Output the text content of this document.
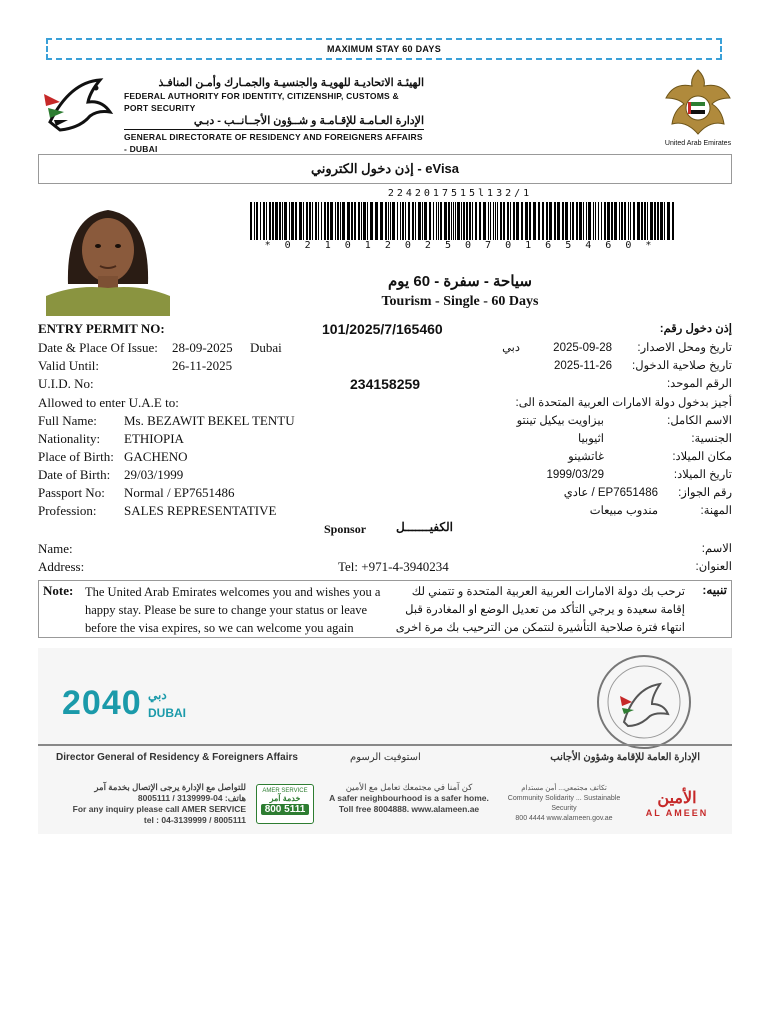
MAXIMUM STAY 60 DAYS
الهيئـة الاتحاديـة للهويـة والجنسيـة والجمـارك وأمـن المنافـذ
FEDERAL AUTHORITY FOR IDENTITY, CITIZENSHIP, CUSTOMS & PORT SECURITY
الإدارة العـامـة للإقـامـة و شــؤون الأجــانــب - دبـي
GENERAL DIRECTORATE OF RESIDENCY AND FOREIGNERS AFFAIRS - DUBAI
United Arab Emirates
إذن دخول الكتروني - eVisa
2242017515l132/1
* 0 2 1 0 1 2 0 2 5 0 7 0 1 6 5 4 6 0 *
سياحة - سفرة - 60 يوم
Tourism - Single - 60 Days
ENTRY PERMIT NO:	101/2025/7/165460	إذن دخول رقم:
Date & Place Of Issue: 28-09-2025 Dubai	دبي	2025-09-28 تاريخ ومحل الاصدار:
Valid Until:	26-11-2025	2025-11-26 تاريخ صلاحية الدخول:
U.I.D. No:	234158259	الرقم الموحد:
Allowed to enter U.A.E to:	أجيز بدخول دولة الامارات العربية المتحدة الى:
Full Name: Ms. BEZAWIT BEKEL TENTU	بيزاويت بيكيل تينتو	الاسم الكامل:
Nationality: ETHIOPIA	اثيوبيا	الجنسية:
Place of Birth: GACHENO	غاتشينو	مكان الميلاد:
Date of Birth: 29/03/1999	1999/03/29	تاريخ الميلاد:
Passport No: Normal / EP7651486	EP7651486 / عادي رقم الجواز:
Profession: SALES REPRESENTATIVE	مندوب مبيعات	المهنة:
Sponsor الكفيـــــــل
Name:	الاسم:
Address:	Tel: +971-4-3940234	العنوان:
Note: The United Arab Emirates welcomes you and wishes you a happy stay. Please be sure to change your status or leave before the visa expires, so we can welcome you again
تنبيه:
ترحب بك دولة الامارات العربية العربية المتحدة و تتمني لك إقامة سعيدة و يرجي التأكد من تعديل الوضع او المغادرة قبل انتهاء فترة صلاحية التأشيرة لنتمكن من الترحيب بك مرة اخرى
2040 دبي
DUBAI
Director General of Residency & Foreigners Affairs	استوفيت الرسوم	الإدارة العامة للإقامة وشؤون الأجانب
للتواصل مع الإدارة يرجى الإتصال بخدمة آمر
هاتف: 04-3139999 / 8005111
For any inquiry please call AMER SERVICE
tel : 04-3139999 / 8005111
AMER SERVICE
خدمة آمر
800 5111
كن آمنا في مجتمعك تعامل مع الأمين
A safer neighbourhood is a safer home.
Toll free 8004888. www.alameen.ae
تكاتف مجتمعي... أمن مستدام
Community Solidarity ... Sustainable Security
800 4444 www.alameen.gov.ae
الأمين
AL AMEEN
